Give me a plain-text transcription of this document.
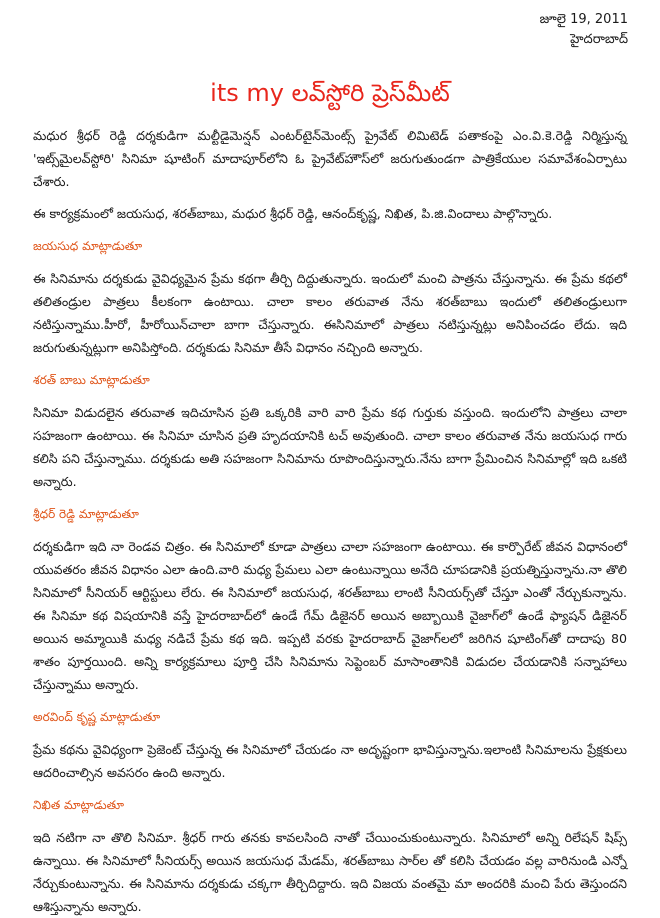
జూలై 19, 2011
హైదరాబాద్
its my లవ్‌స్టోరి ప్రెస్‌మీట్

మధుర శ్రీధర్ రెడ్డి దర్శకుడిగా మల్టీడైమెన్షన్ ఎంటర్‌టైన్‌మెంట్స్ ప్రైవేట్ లిమిటెడ్ పతాకంపై ఎం.వి.కె.రెడ్డి నిర్మిస్తున్న 'ఇట్స్‌మైలవ్‌స్టోరి' సినిమా షూటింగ్ మాదాపూర్‌లోని ఓ ప్రైవేట్‌హౌస్‌లో జరుగుతుండగా పాత్రికేయుల సమావేశంఏర్పాటు చేశారు.

ఈ కార్యక్రమంలో జయసుధ, శరత్‌బాబు, మధుర శ్రీధర్ రెడ్డి, ఆనంద్‌కృష్ణ, నిఖిత, పి.జి.విందాలు పాల్గొన్నారు.

జయసుధ మాట్లాడుతూ

ఈ సినిమాను దర్శకుడు వైవిధ్యమైన ప్రేమ కథగా తీర్చి దిద్దుతున్నారు. ఇందులో మంచి పాత్రను చేస్తున్నాను. ఈ ప్రేమ కథలో తలితండ్రుల పాత్రలు కీలకంగా ఉంటాయి. చాలా కాలం తరువాత నేను శరత్‌బాబు ఇందులో తలితండ్రులుగా నటిస్తున్నాము.హీరో, హీరోయిన్‌చాలా బాగా చేస్తున్నారు. ఈసినిమాలో పాత్రలు నటిస్తున్నట్లు అనిపించడం లేదు. ఇది జరుగుతున్నట్లుగా అనిపిస్తోంది. దర్శకుడు సినిమా తీసే విధానం నచ్చింది అన్నారు.

శరత్ బాబు మాట్లాడుతూ

సినిమా విడుదలైన తరువాత ఇదిచూసిన ప్రతి ఒక్కరికి వారి వారి ప్రేమ కథ గుర్తుకు వస్తుంది. ఇందులోని పాత్రలు చాలా సహజంగా ఉంటాయి. ఈ సినిమా చూసిన ప్రతి హృదయానికి టచ్ అవుతుంది. చాలా కాలం తరువాత నేను జయసుధ గారు కలిసి పని చేస్తున్నాము. దర్శకుడు అతి సహజంగా సినిమాను రూపొందిస్తున్నారు.నేను బాగా ప్రేమించిన సినిమాల్లో ఇది ఒకటి అన్నారు.

శ్రీధర్ రెడ్డి మాట్లాడుతూ

దర్శకుడిగా ఇది నా రెండవ చిత్రం. ఈ సినిమాలో కూడా పాత్రలు చాలా సహజంగా ఉంటాయి. ఈ కార్పొరేట్ జీవన విధానంలో యువతరం జీవన విధానం ఎలా ఉంది.వారి మధ్య ప్రేమలు ఎలా ఉంటున్నాయి అనేది చూపడానికి ప్రయత్నిస్తున్నాను.నా తొలి సినిమాలో సీనియర్ ఆర్టిస్టులు లేరు. ఈ సినిమాలో జయసుధ, శరత్‌బాబు లాంటి సీనియర్స్‌తో చేస్తూ ఎంతో నేర్చుకున్నాను. ఈ సినిమా కథ విషయానికి వస్తే హైదరాబాద్‌లో ఉండే గేమ్ డిజైనర్ అయిన అబ్బాయికి వైజాగ్‌లో ఉండే ఫ్యాషన్ డిజైనర్ అయిన అమ్మాయికి మధ్య నడిచే ప్రేమ కథ ఇది. ఇప్పటి వరకు హైదరాబాద్ వైజాగ్‌లలో జరిగిన షూటింగ్‌తో దాదాపు 80 శాతం పూర్తయింది. అన్ని కార్యక్రమాలు పూర్తి చేసి సినిమాను సెప్టెంబర్ మాసాంతానికి విడుదల చేయడానికి సన్నాహాలు చేస్తున్నాము అన్నారు.

అరవింద్ కృష్ణ మాట్లాడుతూ

ప్రేమ కథను వైవిధ్యంగా ప్రెజెంట్ చేస్తున్న ఈ సినిమాలో చేయడం నా అదృష్టంగా భావిస్తున్నాను.ఇలాంటి సినిమాలను ప్రేక్షకులు ఆదరించాల్సిన అవసరం ఉంది అన్నారు.

నిఖిత మాట్లాడుతూ

ఇది నటిగా నా తొలి సినిమా. శ్రీధర్ గారు తనకు కావలసింది నాతో చేయించుకుంటున్నారు. సినిమాలో అన్ని రిలేషన్ షిప్స్ ఉన్నాయి. ఈ సినిమాలో సీనియర్స్ అయిన జయసుధ మేడమ్, శరత్‌బాబు సార్‌ల తో కలిసి చేయడం వల్ల వారినుండి ఎన్నో నేర్చుకుంటున్నాను. ఈ సినిమాను దర్శకుడు చక్కగా తీర్చిదిద్దారు. ఇది విజయ వంతమై మా అందరికి మంచి పేరు తెస్తుందని ఆశిస్తున్నాను అన్నారు.
